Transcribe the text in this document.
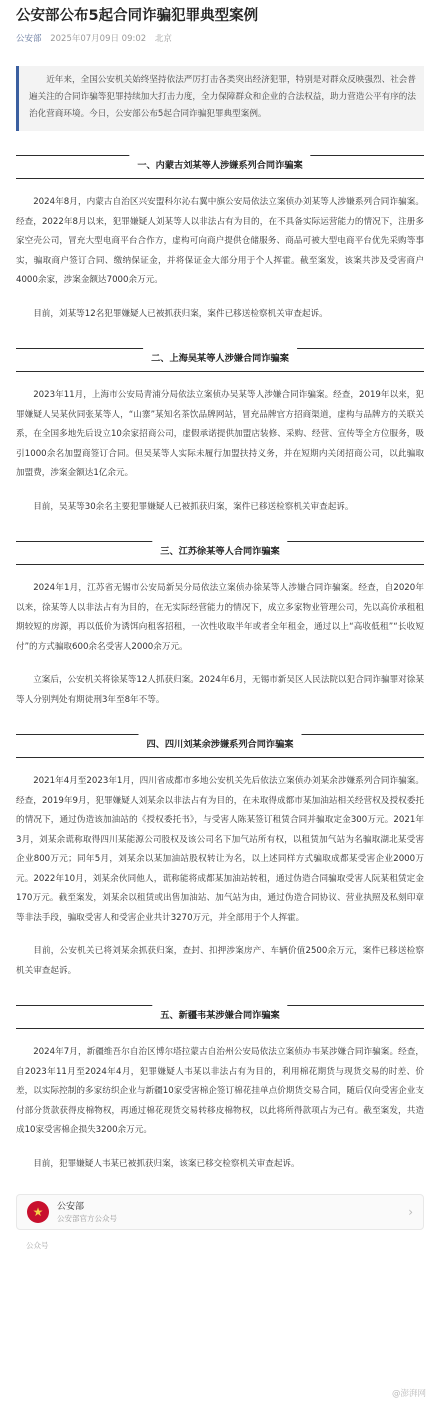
公安部公布5起合同诈骗犯罪典型案例
公安部 2025年07月09日 09:02 北京
近年来，全国公安机关始终坚持依法严厉打击各类突出经济犯罪，特别是对群众反映强烈、社会普遍关注的合同诈骗等犯罪持续加大打击力度，全力保障群众和企业的合法权益，助力营造公平有序的法治化营商环境。今日，公安部公布5起合同诈骗犯罪典型案例。
一、内蒙古刘某等人涉嫌系列合同诈骗案

2024年8月，内蒙古自治区兴安盟科尔沁右翼中旗公安局依法立案侦办刘某等人涉嫌系列合同诈骗案。经查，2022年8月以来，犯罪嫌疑人刘某等人以非法占有为目的，在不具备实际运营能力的情况下，注册多家空壳公司，冒充大型电商平台合作方，虚构可向商户提供仓储服务、商品可被大型电商平台优先采购等事实，骗取商户签订合同、缴纳保证金，并将保证金大部分用于个人挥霍。截至案发，该案共涉及受害商户4000余家，涉案金额达7000余万元。

目前，刘某等12名犯罪嫌疑人已被抓获归案，案件已移送检察机关审查起诉。

二、上海吴某等人涉嫌合同诈骗案

2023年11月，上海市公安局青浦分局依法立案侦办吴某等人涉嫌合同诈骗案。经查，2019年以来，犯罪嫌疑人吴某伙同张某等人，“山寨”某知名茶饮品牌网站，冒充品牌官方招商渠道，虚构与品牌方的关联关系，在全国多地先后设立10余家招商公司，虚假承诺提供加盟店装修、采购、经营、宣传等全方位服务，吸引1000余名加盟商签订合同。但吴某等人实际未履行加盟扶持义务，并在短期内关闭招商公司，以此骗取加盟费，涉案金额达1亿余元。

目前，吴某等30余名主要犯罪嫌疑人已被抓获归案，案件已移送检察机关审查起诉。

三、江苏徐某等人合同诈骗案

2024年1月，江苏省无锡市公安局新吴分局依法立案侦办徐某等人涉嫌合同诈骗案。经查，自2020年以来，徐某等人以非法占有为目的，在无实际经营能力的情况下，成立多家物业管理公司，先以高价承租租期较短的房源，再以低价为诱饵向租客招租，一次性收取半年或者全年租金，通过以上“高收低租”“长收短付”的方式骗取600余名受害人2000余万元。

立案后，公安机关将徐某等12人抓获归案。2024年6月，无锡市新吴区人民法院以犯合同诈骗罪对徐某等人分别判处有期徒刑3年至8年不等。

四、四川刘某余涉嫌系列合同诈骗案

2021年4月至2023年1月，四川省成都市多地公安机关先后依法立案侦办刘某余涉嫌系列合同诈骗案。经查，2019年9月，犯罪嫌疑人刘某余以非法占有为目的，在未取得成都市某加油站相关经营权及授权委托的情况下，通过伪造该加油站的《授权委托书》，与受害人陈某签订租赁合同并骗取定金300万元。2021年3月，刘某余谎称取得四川某能源公司股权及该公司名下加气站所有权，以租赁加气站为名骗取湖北某受害企业800万元；同年5月，刘某余以某加油站股权转让为名，以上述同样方式骗取成都某受害企业2000万元。2022年10月，刘某余伙同他人，谎称能将成都某加油站转租，通过伪造合同骗取受害人阮某租赁定金170万元。截至案发，刘某余以租赁或出售加油站、加气站为由，通过伪造合同协议、营业执照及私刻印章等非法手段，骗取受害人和受害企业共计3270万元，并全部用于个人挥霍。

目前，公安机关已将刘某余抓获归案，查封、扣押涉案房产、车辆价值2500余万元，案件已移送检察机关审查起诉。

五、新疆韦某涉嫌合同诈骗案

2024年7月，新疆维吾尔自治区博尔塔拉蒙古自治州公安局依法立案侦办韦某涉嫌合同诈骗案。经查，自2023年11月至2024年4月，犯罪嫌疑人韦某以非法占有为目的，利用棉花期货与现货交易的时差、价差，以实际控制的多家纺织企业与新疆10家受害棉企签订棉花挂单点价期货交易合同，随后仅向受害企业支付部分货款获得皮棉物权，再通过棉花现货交易转移皮棉物权，以此将所得款项占为己有。截至案发，共造成10家受害棉企损失3200余万元。

目前，犯罪嫌疑人韦某已被抓获归案，该案已移交检察机关审查起诉。

★	公安部
公安部官方公众号	›
公众号
@澎湃网
